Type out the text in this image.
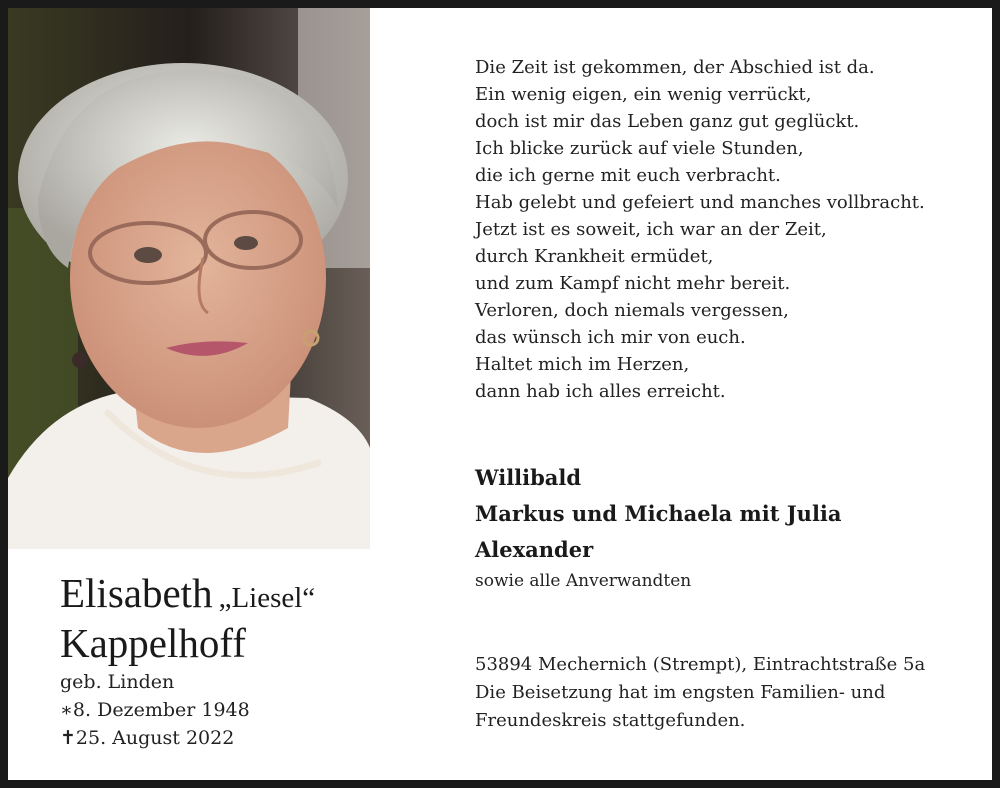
Elisabeth „Liesel“
Kappelhoff
geb. Linden
∗8. Dezember 1948
✝25. August 2022
Die Zeit ist gekommen, der Abschied ist da.
Ein wenig eigen, ein wenig verrückt,
doch ist mir das Leben ganz gut geglückt.
Ich blicke zurück auf viele Stunden,
die ich gerne mit euch verbracht.
Hab gelebt und gefeiert und manches vollbracht.
Jetzt ist es soweit, ich war an der Zeit,
durch Krankheit ermüdet,
und zum Kampf nicht mehr bereit.
Verloren, doch niemals vergessen,
das wünsch ich mir von euch.
Haltet mich im Herzen,
dann hab ich alles erreicht.
Willibald
Markus und Michaela mit Julia
Alexander
sowie alle Anverwandten
53894 Mechernich (Strempt), Eintrachtstraße 5a
Die Beisetzung hat im engsten Familien- und
Freundeskreis stattgefunden.
